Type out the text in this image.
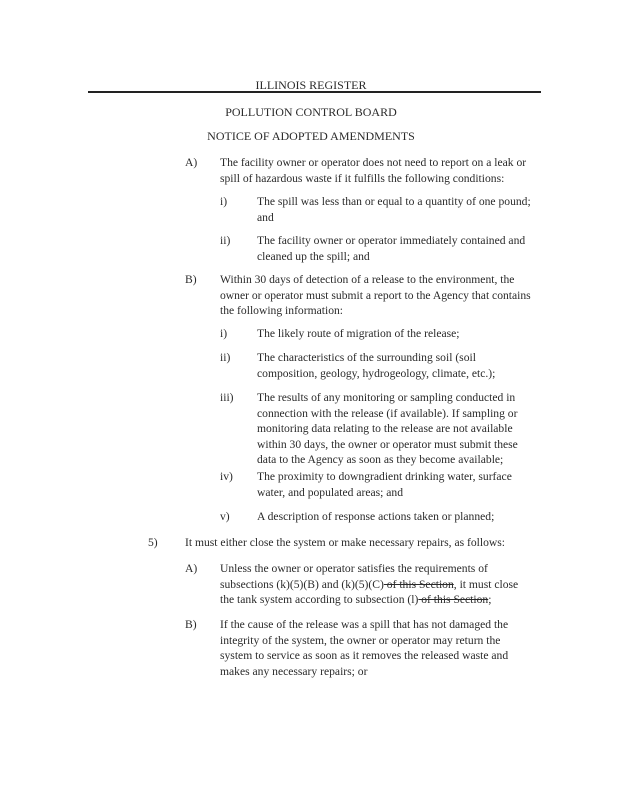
ILLINOIS REGISTER
POLLUTION CONTROL BOARD
NOTICE OF ADOPTED AMENDMENTS
A) The facility owner or operator does not need to report on a leak or
spill of hazardous waste if it fulfills the following conditions:
i)	The spill was less than or equal to a quantity of one pound;
and
ii) The facility owner or operator immediately contained and
cleaned up the spill; and
B) Within 30 days of detection of a release to the environment, the
owner or operator must submit a report to the Agency that contains
the following information:
i)	The likely route of migration of the release;
ii) The characteristics of the surrounding soil (soil
composition, geology, hydrogeology, climate, etc.);
iii) The results of any monitoring or sampling conducted in
connection with the release (if available). If sampling or
monitoring data relating to the release are not available
within 30 days, the owner or operator must submit these
data to the Agency as soon as they become available;
iv) The proximity to downgradient drinking water, surface
water, and populated areas; and
v) A description of response actions taken or planned;
5) It must either close the system or make necessary repairs, as follows:
A) Unless the owner or operator satisfies the requirements of
subsections (k)(5)(B) and (k)(5)(C) of this Section, it must close
the tank system according to subsection (l) of this Section;
B) If the cause of the release was a spill that has not damaged the
integrity of the system, the owner or operator may return the
system to service as soon as it removes the released waste and
makes any necessary repairs; or
